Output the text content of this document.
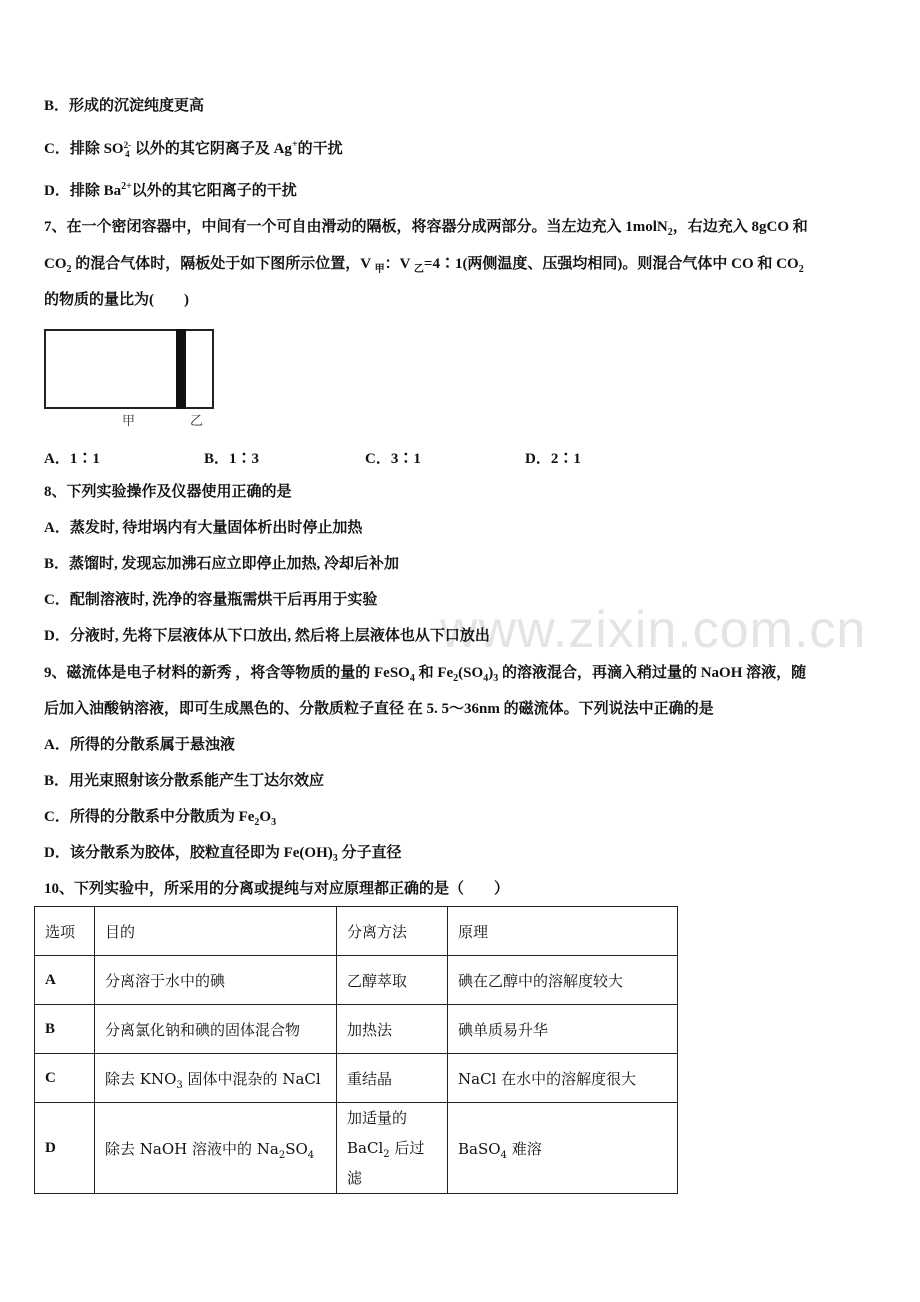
www.zixin.com.cn
B．形成的沉淀纯度更高
C．排除 SO2-
4 以外的其它阴离子及 Ag+的干扰
D．排除 $Ba^{2+}$以外的其它阳离子的干扰
7、在一个密闭容器中，中间有一个可自由滑动的隔板，将容器分成两部分。当左边充入 1molN$_2$，右边充入 8gCO 和
$CO_2$ 的混合气体时，隔板处于如下图所示位置，V $_甲$：V $_乙$=4∶1(两侧温度、压强均相同)。则混合气体中 CO 和 $CO_2$
的物质的量比为(　　)
甲	乙
A．1∶1	B．1∶3	C．3∶1	D．2∶1
8、下列实验操作及仪器使用正确的是
A．蒸发时, 待坩埚内有大量固体析出时停止加热
B．蒸馏时, 发现忘加沸石应立即停止加热, 冷却后补加
C．配制溶液时, 洗净的容量瓶需烘干后再用于实验
D．分液时, 先将下层液体从下口放出, 然后将上层液体也从下口放出
9、磁流体是电子材料的新秀 ，将含等物质的量的 FeSO$_4$ 和 $Fe_2(SO_4)_3$ 的溶液混合，再滴入稍过量的 NaOH 溶液，随
后加入油酸钠溶液，即可生成黑色的、分散质粒子直径 在 5. 5～36nm 的磁流体。下列说法中正确的是
A．所得的分散系属于悬浊液
B．用光束照射该分散系能产生丁达尔效应
C．所得的分散系中分散质为 $Fe_2O_3$
D．该分散系为胶体，胶粒直径即为 $Fe(OH)_3$ 分子直径
10、下列实验中，所采用的分离或提纯与对应原理都正确的是（　　）
选项	目的	分离方法	原理
A	分离溶于水中的碘	乙醇萃取	碘在乙醇中的溶解度较大
B	分离氯化钠和碘的固体混合物	加热法	碘单质易升华
C	除去 $KNO_3$ 固体中混杂的 NaCl	重结晶	NaCl 在水中的溶解度很大
D	除去 NaOH 溶液中的 $Na_2SO_4$	加适量的
BaCl$_2$ 后过滤	BaSO$_4$ 难溶
